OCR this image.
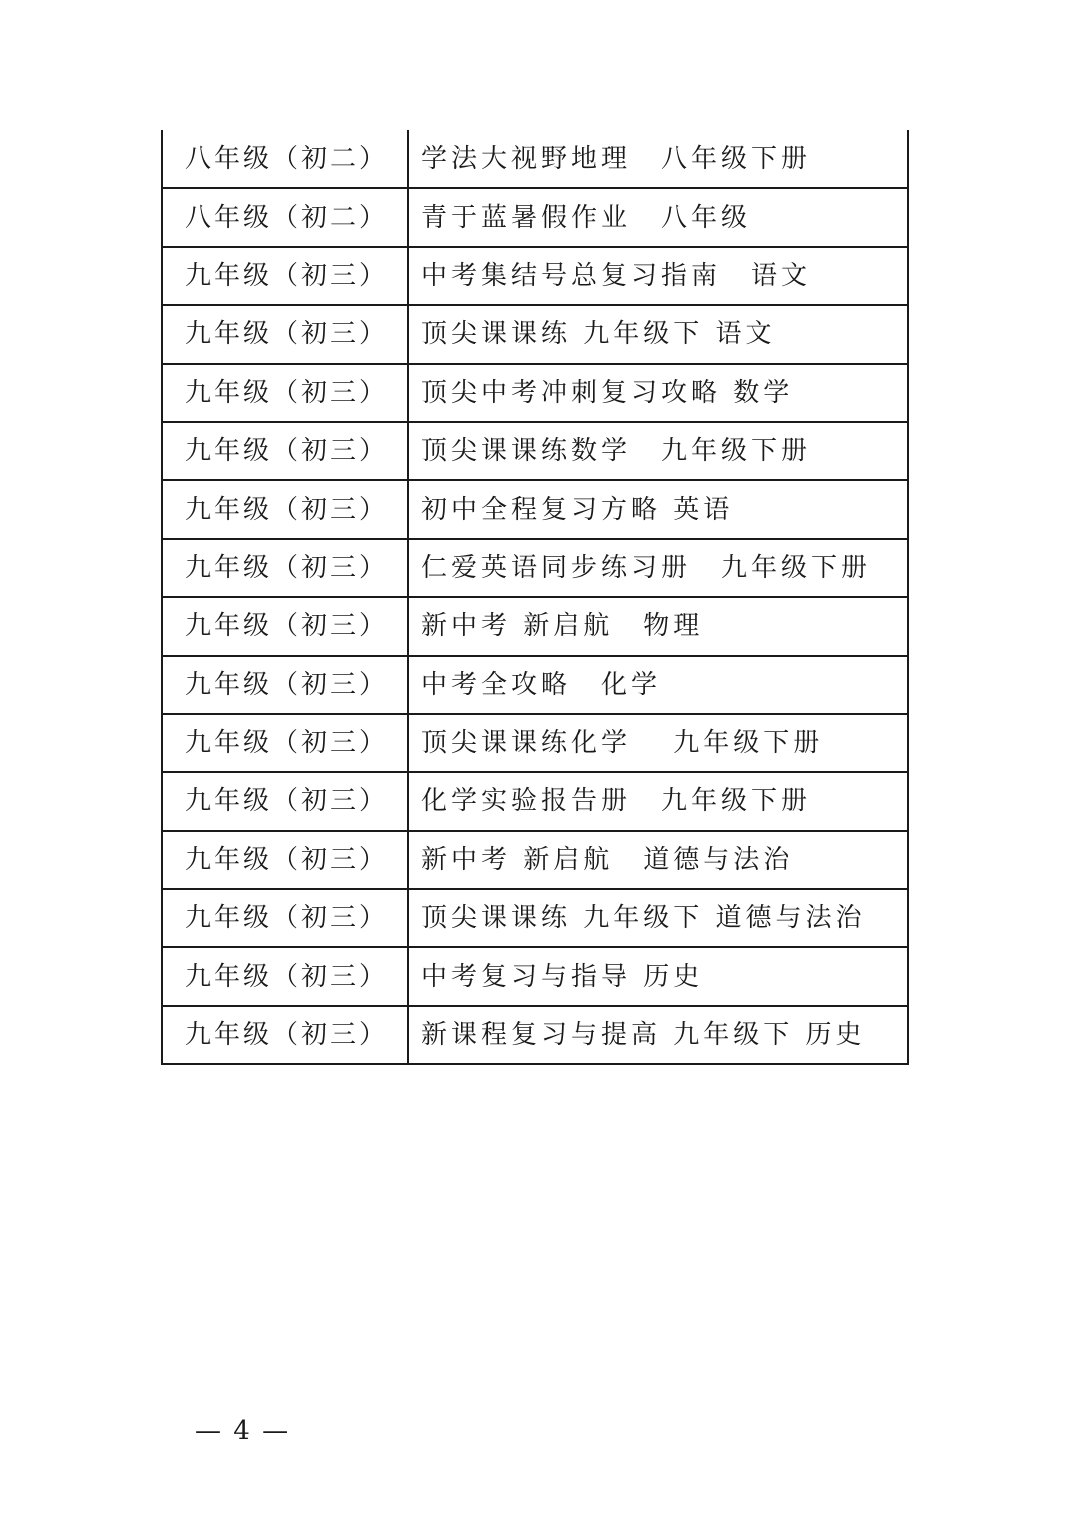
八年级（初二）	学法大视野地理　八年级下册
八年级（初二）	青于蓝暑假作业　八年级
九年级（初三）	中考集结号总复习指南　语文
九年级（初三）	顶尖课课练 九年级下 语文
九年级（初三）	顶尖中考冲刺复习攻略 数学
九年级（初三）	顶尖课课练数学　九年级下册
九年级（初三）	初中全程复习方略 英语
九年级（初三）	仁爱英语同步练习册　九年级下册
九年级（初三）	新中考 新启航　物理
九年级（初三）	中考全攻略　化学
九年级（初三）	顶尖课课练化学　 九年级下册
九年级（初三）	化学实验报告册　九年级下册
九年级（初三）	新中考 新启航　道德与法治
九年级（初三）	顶尖课课练 九年级下 道德与法治
九年级（初三）	中考复习与指导 历史
九年级（初三）	新课程复习与提高 九年级下 历史
— 4 —
